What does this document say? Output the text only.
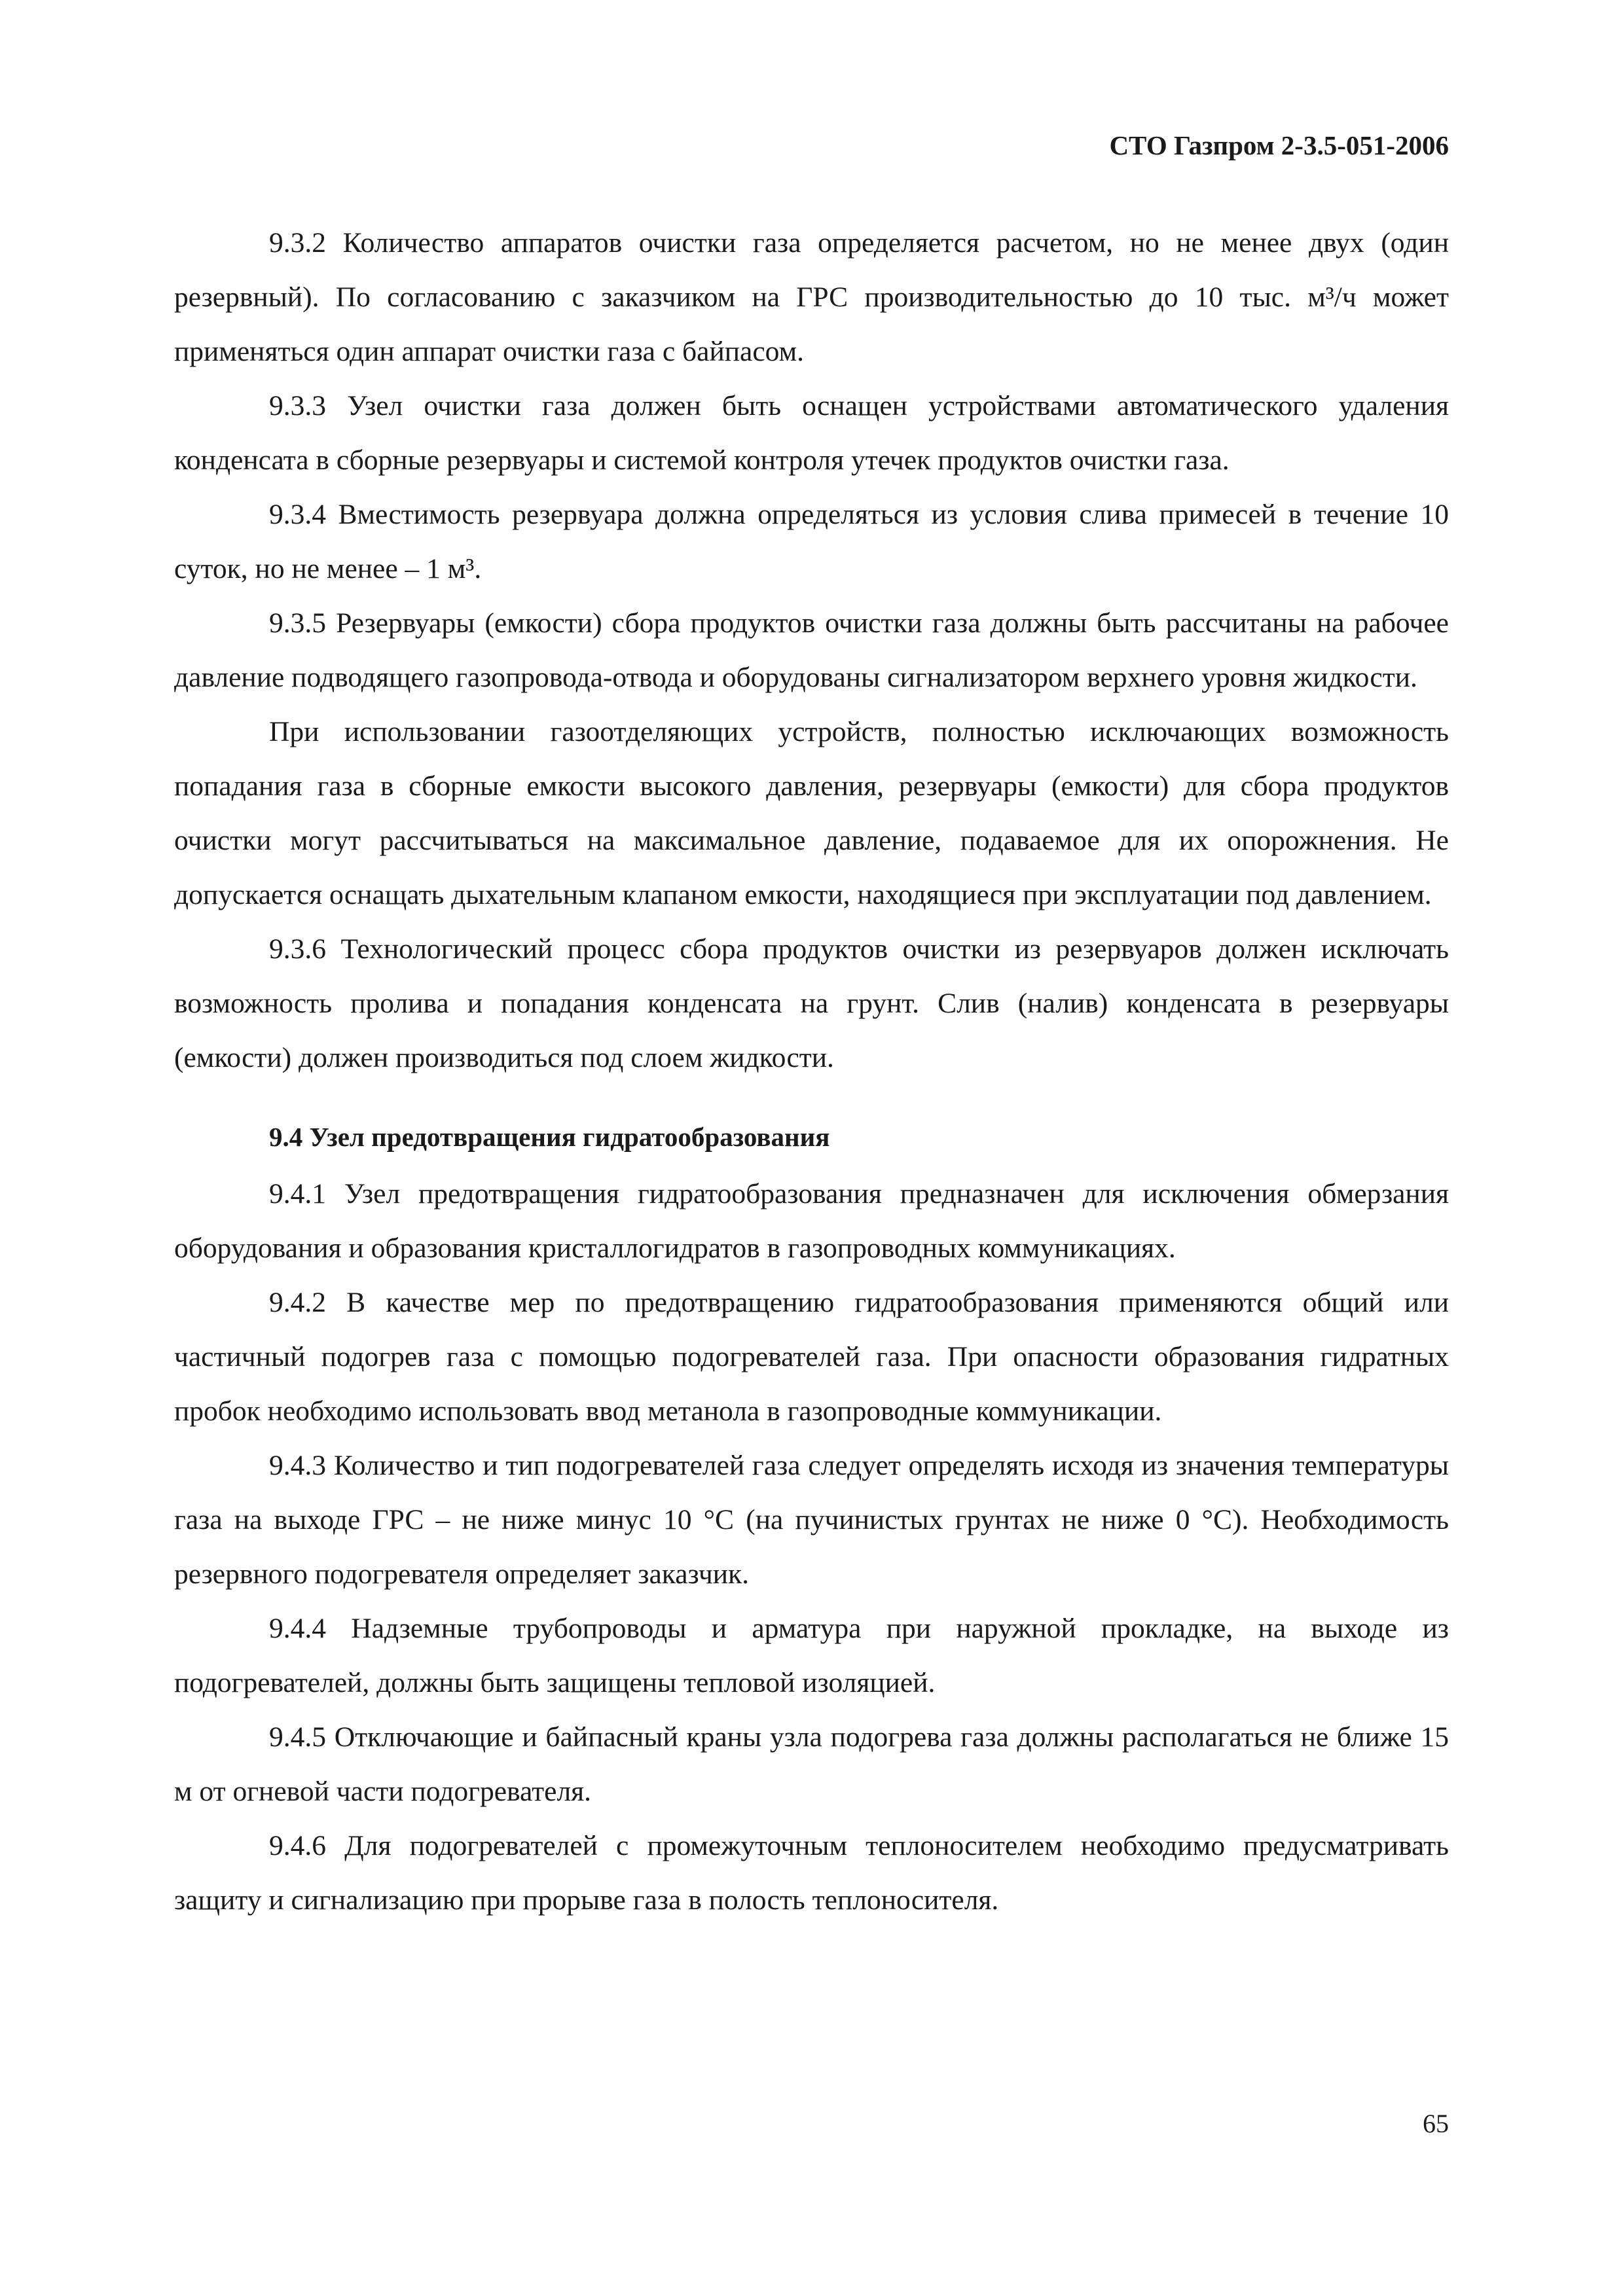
СТО Газпром 2-3.5-051-2006

9.3.2 Количество аппаратов очистки газа определяется расчетом, но не менее двух (один резервный). По согласованию с заказчиком на ГРС производительностью до 10 тыс. м³/ч может применяться один аппарат очистки газа с байпасом.

9.3.3 Узел очистки газа должен быть оснащен устройствами автоматического удаления конденсата в сборные резервуары и системой контроля утечек продуктов очистки газа.

9.3.4 Вместимость резервуара должна определяться из условия слива примесей в течение 10 суток, но не менее – 1 м³.

9.3.5 Резервуары (емкости) сбора продуктов очистки газа должны быть рассчитаны на рабочее давление подводящего газопровода-отвода и оборудованы сигнализатором верхнего уровня жидкости.

При использовании газоотделяющих устройств, полностью исключающих возможность попадания газа в сборные емкости высокого давления, резервуары (емкости) для сбора продуктов очистки могут рассчитываться на максимальное давление, подаваемое для их опорожнения. Не допускается оснащать дыхательным клапаном емкости, находящиеся при эксплуатации под давлением.

9.3.6 Технологический процесс сбора продуктов очистки из резервуаров должен исключать возможность пролива и попадания конденсата на грунт. Слив (налив) конденсата в резервуары (емкости) должен производиться под слоем жидкости.

9.4 Узел предотвращения гидратообразования

9.4.1 Узел предотвращения гидратообразования предназначен для исключения обмерзания оборудования и образования кристаллогидратов в газопроводных коммуникациях.

9.4.2 В качестве мер по предотвращению гидратообразования применяются общий или частичный подогрев газа с помощью подогревателей газа. При опасности образования гидратных пробок необходимо использовать ввод метанола в газопроводные коммуникации.

9.4.3 Количество и тип подогревателей газа следует определять исходя из значения температуры газа на выходе ГРС – не ниже минус 10 °С (на пучинистых грунтах не ниже 0 °С). Необходимость резервного подогревателя определяет заказчик.

9.4.4 Надземные трубопроводы и арматура при наружной прокладке, на выходе из подогревателей, должны быть защищены тепловой изоляцией.

9.4.5 Отключающие и байпасный краны узла подогрева газа должны располагаться не ближе 15 м от огневой части подогревателя.

9.4.6 Для подогревателей с промежуточным теплоносителем необходимо предусматривать защиту и сигнализацию при прорыве газа в полость теплоносителя.

65
